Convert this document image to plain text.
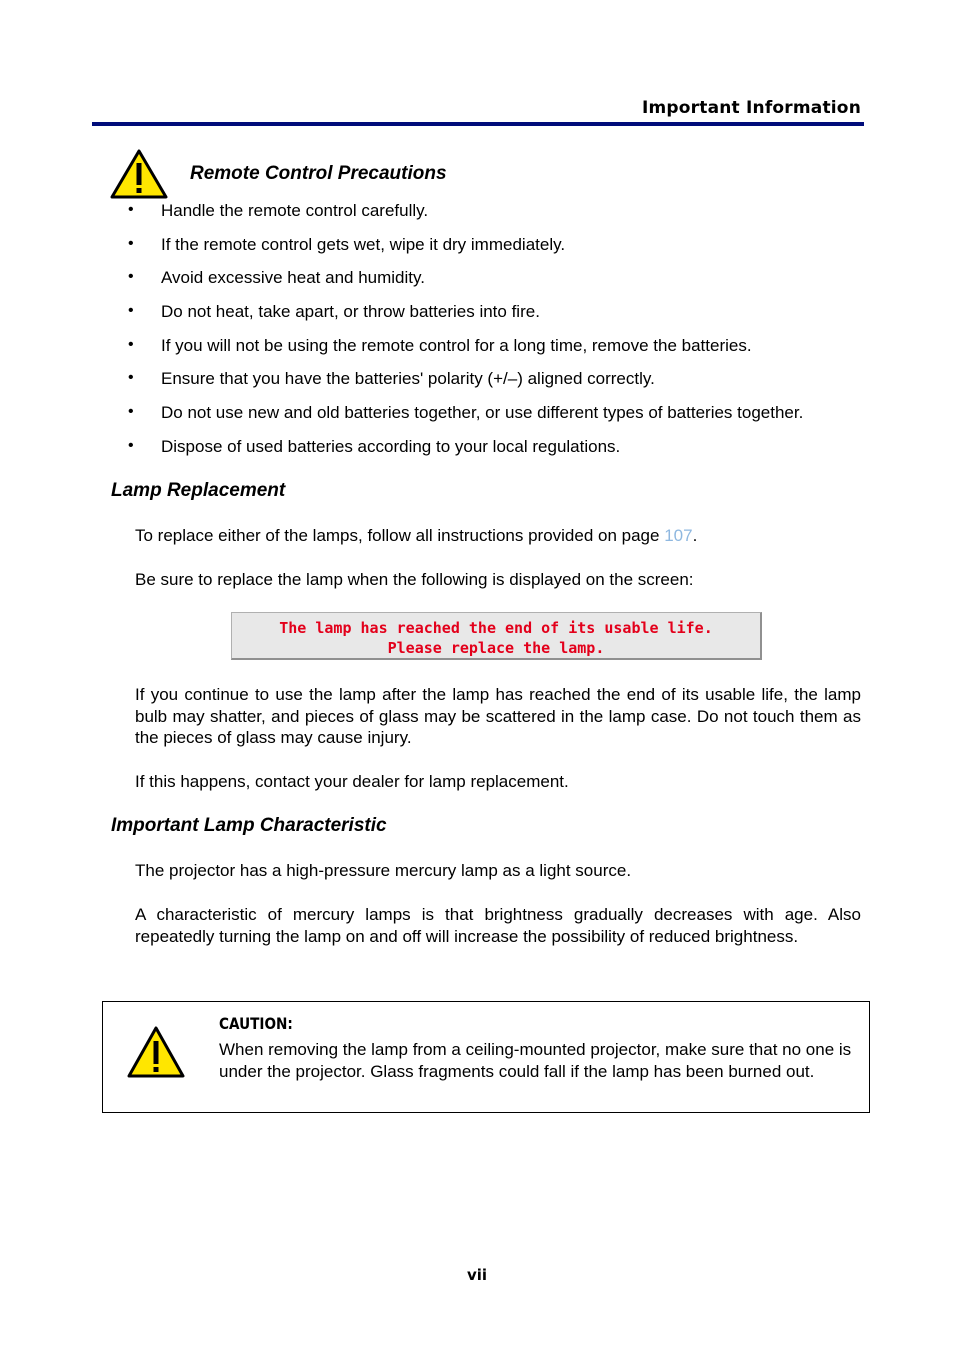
Important Information
Remote Control Precautions
• Handle the remote control carefully.
• If the remote control gets wet, wipe it dry immediately.
• Avoid excessive heat and humidity.
• Do not heat, take apart, or throw batteries into fire.
• If you will not be using the remote control for a long time, remove the batteries.
• Ensure that you have the batteries' polarity (+/–) aligned correctly.
• Do not use new and old batteries together, or use different types of batteries together.
• Dispose of used batteries according to your local regulations.
Lamp Replacement
To replace either of the lamps, follow all instructions provided on page 107.
Be sure to replace the lamp when the following is displayed on the screen:
The lamp has reached the end of its usable life.
Please replace the lamp.
If you continue to use the lamp after the lamp has reached the end of its usable life, the lamp bulb may shatter, and pieces of glass may be scattered in the lamp case. Do not touch them as the pieces of glass may cause injury.
If this happens, contact your dealer for lamp replacement.
Important Lamp Characteristic
The projector has a high-pressure mercury lamp as a light source.
A characteristic of mercury lamps is that brightness gradually decreases with age. Also repeatedly turning the lamp on and off will increase the possibility of reduced brightness.
CAUTION:
When removing the lamp from a ceiling-mounted projector, make sure that no one is under the projector. Glass fragments could fall if the lamp has been burned out.
vii
